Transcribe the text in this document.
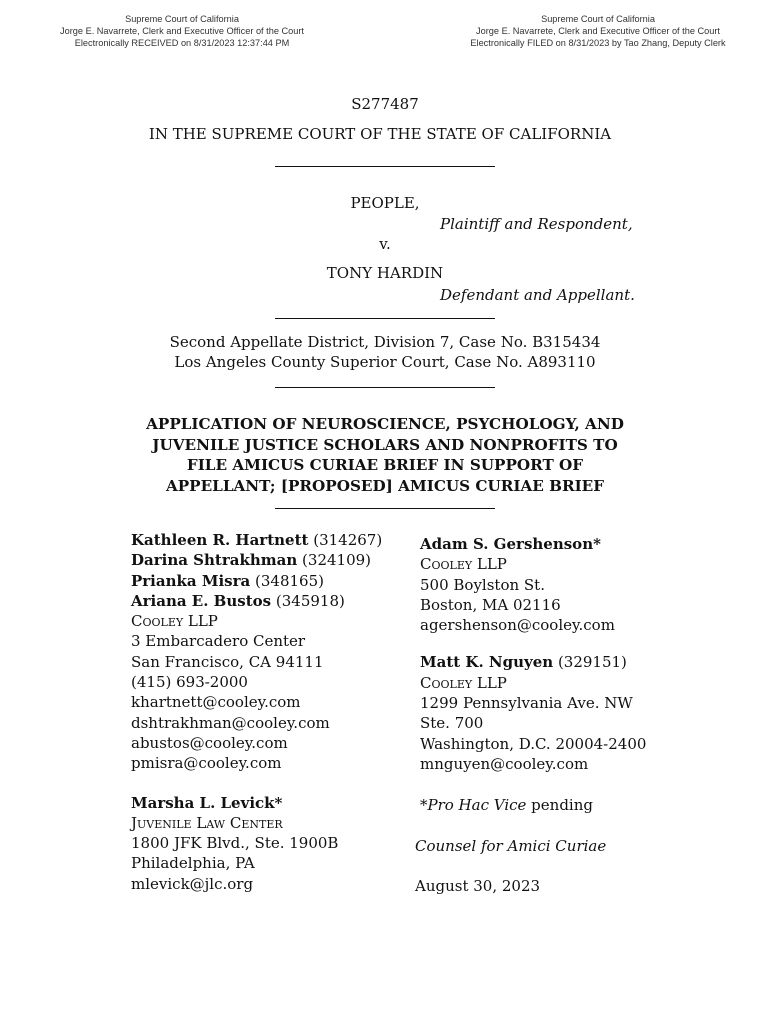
Supreme Court of California
Jorge E. Navarrete, Clerk and Executive Officer of the Court
Electronically RECEIVED on 8/31/2023 12:37:44 PM
Supreme Court of California
Jorge E. Navarrete, Clerk and Executive Officer of the Court
Electronically FILED on 8/31/2023 by Tao Zhang, Deputy Clerk
S277487
IN THE SUPREME COURT OF THE STATE OF CALIFORNIA
PEOPLE,
Plaintiff and Respondent,
v.
TONY HARDIN
Defendant and Appellant.
Second Appellate District, Division 7, Case No. B315434
Los Angeles County Superior Court, Case No. A893110
APPLICATION OF NEUROSCIENCE, PSYCHOLOGY, AND
JUVENILE JUSTICE SCHOLARS AND NONPROFITS TO
FILE AMICUS CURIAE BRIEF IN SUPPORT OF
APPELLANT; [PROPOSED] AMICUS CURIAE BRIEF
Kathleen R. Hartnett (314267)
Darina Shtrakhman (324109)
Prianka Misra (348165)
Ariana E. Bustos (345918)
Cooley LLP
3 Embarcadero Center
San Francisco, CA 94111
(415) 693-2000
khartnett@cooley.com
dshtrakhman@cooley.com
abustos@cooley.com
pmisra@cooley.com
Marsha L. Levick*
Juvenile Law Center
1800 JFK Blvd., Ste. 1900B
Philadelphia, PA
mlevick@jlc.org
Adam S. Gershenson*
Cooley LLP
500 Boylston St.
Boston, MA 02116
agershenson@cooley.com
Matt K. Nguyen (329151)
Cooley LLP
1299 Pennsylvania Ave. NW
Ste. 700
Washington, D.C. 20004-2400
mnguyen@cooley.com
*Pro Hac Vice pending
Counsel for Amici Curiae
August 30, 2023
